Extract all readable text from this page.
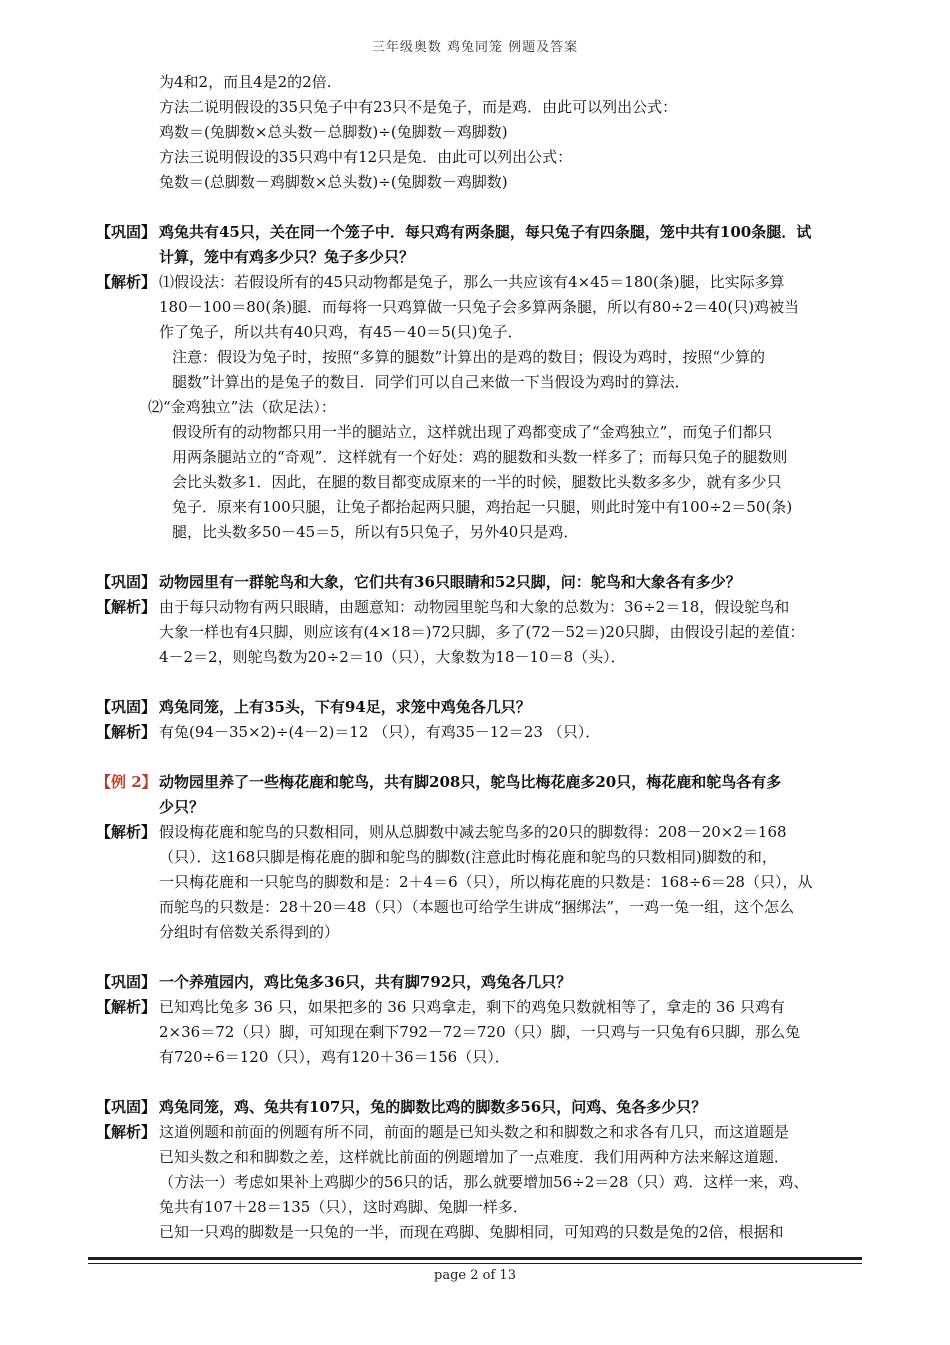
三年级奥数 鸡兔同笼 例题及答案
为4和2，而且4是2的2倍.
方法二说明假设的35只兔子中有23只不是兔子，而是鸡．由此可以列出公式：
鸡数＝(兔脚数×总头数－总脚数)÷(兔脚数－鸡脚数)
方法三说明假设的35只鸡中有12只是兔．由此可以列出公式：
兔数＝(总脚数－鸡脚数×总头数)÷(兔脚数－鸡脚数)
【巩固】 鸡兔共有45只，关在同一个笼子中．每只鸡有两条腿，每只兔子有四条腿，笼中共有100条腿．试
计算，笼中有鸡多少只？兔子多少只？
【解析】 ⑴假设法：若假设所有的45只动物都是兔子，那么一共应该有4×45＝180(条)腿，比实际多算
180－100＝80(条)腿．而每将一只鸡算做一只兔子会多算两条腿，所以有80÷2＝40(只)鸡被当
作了兔子，所以共有40只鸡，有45－40＝5(只)兔子．
注意：假设为兔子时，按照“多算的腿数”计算出的是鸡的数目；假设为鸡时，按照“少算的
腿数”计算出的是兔子的数目．同学们可以自己来做一下当假设为鸡时的算法．
⑵“金鸡独立”法（砍足法）：
假设所有的动物都只用一半的腿站立，这样就出现了鸡都变成了“金鸡独立”，而兔子们都只
用两条腿站立的“奇观”．这样就有一个好处：鸡的腿数和头数一样多了；而每只兔子的腿数则
会比头数多1．因此，在腿的数目都变成原来的一半的时候，腿数比头数多多少，就有多少只
兔子．原来有100只腿，让兔子都抬起两只腿，鸡抬起一只腿，则此时笼中有100÷2＝50(条)
腿，比头数多50－45＝5，所以有5只兔子，另外40只是鸡．
【巩固】 动物园里有一群鸵鸟和大象，它们共有36只眼睛和52只脚，问：鸵鸟和大象各有多少？
【解析】 由于每只动物有两只眼睛，由题意知：动物园里鸵鸟和大象的总数为：36÷2＝18，假设鸵鸟和
大象一样也有4只脚，则应该有(4×18＝)72只脚，多了(72－52＝)20只脚，由假设引起的差值：
4－2＝2，则鸵鸟数为20÷2＝10（只），大象数为18－10＝8（头）．
【巩固】 鸡兔同笼，上有35头，下有94足，求笼中鸡兔各几只？
【解析】 有兔(94－35×2)÷(4－2)＝12 （只），有鸡35－12＝23 （只）．
【例 2】 动物园里养了一些梅花鹿和鸵鸟，共有脚208只，鸵鸟比梅花鹿多20只，梅花鹿和鸵鸟各有多
少只？
【解析】 假设梅花鹿和鸵鸟的只数相同，则从总脚数中减去鸵鸟多的20只的脚数得：208－20×2＝168
（只）．这168只脚是梅花鹿的脚和鸵鸟的脚数(注意此时梅花鹿和鸵鸟的只数相同)脚数的和，
一只梅花鹿和一只鸵鸟的脚数和是：2＋4＝6（只），所以梅花鹿的只数是：168÷6＝28（只），从
而鸵鸟的只数是：28＋20＝48（只）（本题也可给学生讲成“捆绑法”，一鸡一兔一组，这个怎么
分组时有倍数关系得到的）
【巩固】 一个养殖园内，鸡比兔多36只，共有脚792只，鸡兔各几只？
【解析】 已知鸡比兔多 36 只，如果把多的 36 只鸡拿走，剩下的鸡兔只数就相等了，拿走的 36 只鸡有
2×36＝72（只）脚，可知现在剩下792－72＝720（只）脚，一只鸡与一只兔有6只脚，那么兔
有720÷6＝120（只），鸡有120＋36＝156（只）．
【巩固】 鸡兔同笼，鸡、兔共有107只，兔的脚数比鸡的脚数多56只，问鸡、兔各多少只？
【解析】 这道例题和前面的例题有所不同，前面的题是已知头数之和和脚数之和求各有几只，而这道题是
已知头数之和和脚数之差，这样就比前面的例题增加了一点难度．我们用两种方法来解这道题．
（方法一）考虑如果补上鸡脚少的56只的话，那么就要增加56÷2＝28（只）鸡．这样一来，鸡、
兔共有107＋28＝135（只），这时鸡脚、兔脚一样多．
已知一只鸡的脚数是一只兔的一半，而现在鸡脚、兔脚相同，可知鸡的只数是兔的2倍，根据和
page 2 of 13
